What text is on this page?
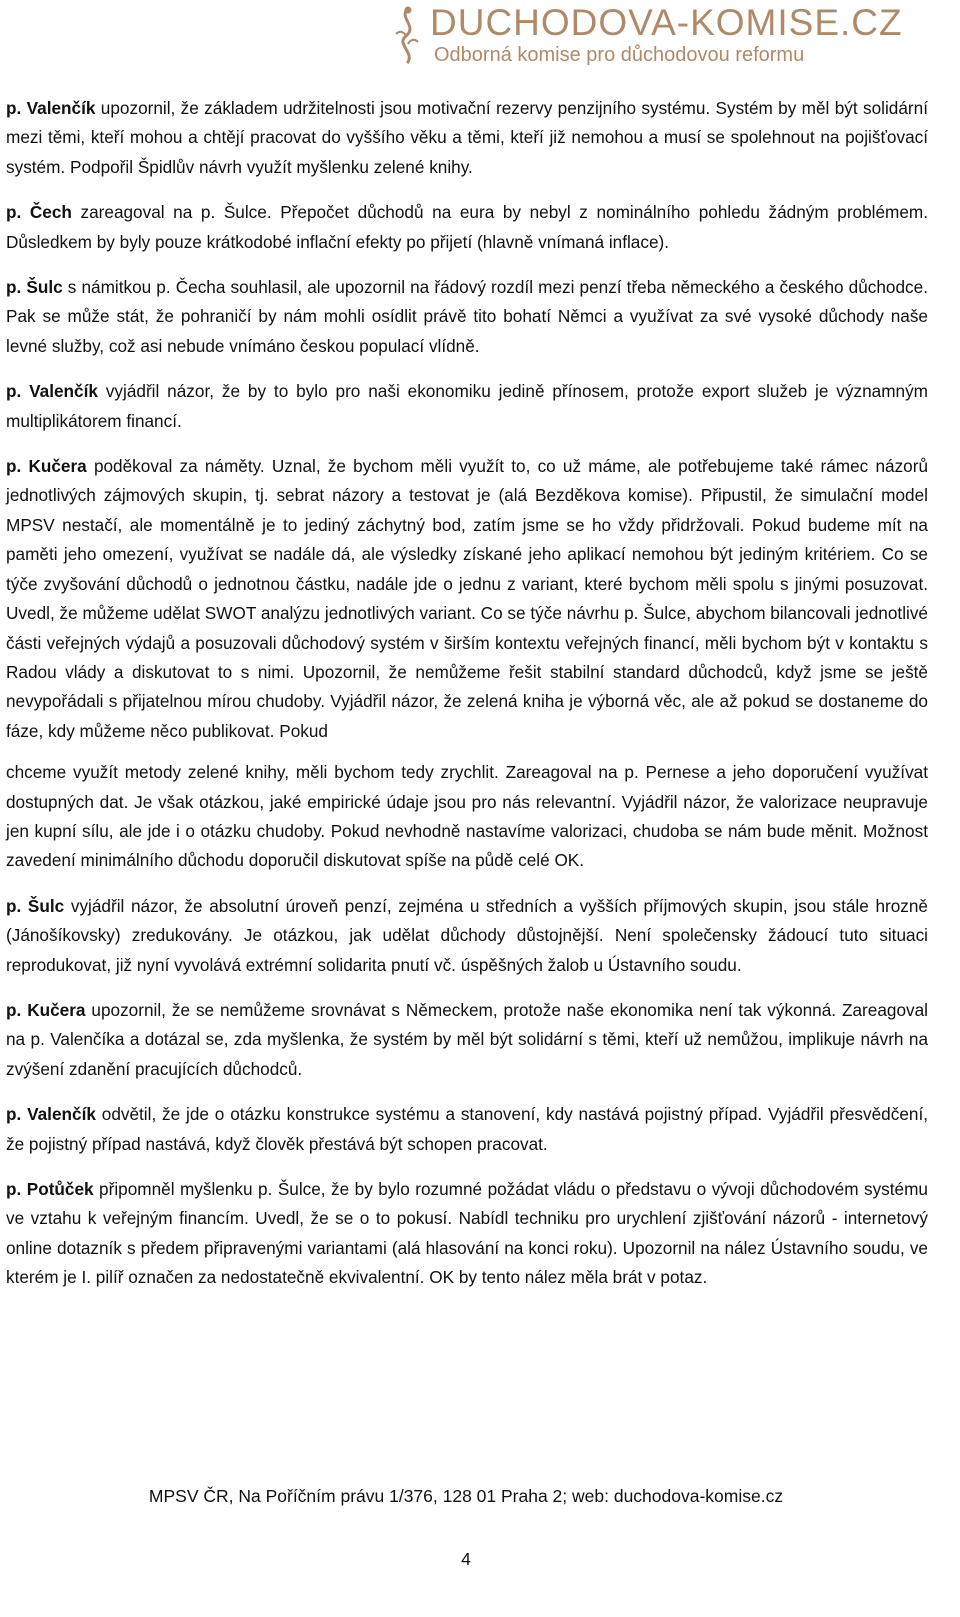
DUCHODOVA-KOMISE.CZ
Odborná komise pro důchodovou reformu

p. Valenčík upozornil, že základem udržitelnosti jsou motivační rezervy penzijního systému. Systém by měl být solidární mezi těmi, kteří mohou a chtějí pracovat do vyššího věku a těmi, kteří již nemohou a musí se spolehnout na pojišťovací systém. Podpořil Špidlův návrh využít myšlenku zelené knihy.

p. Čech zareagoval na p. Šulce. Přepočet důchodů na eura by nebyl z nominálního pohledu žádným problémem. Důsledkem by byly pouze krátkodobé inflační efekty po přijetí (hlavně vnímaná inflace).

p. Šulc s námitkou p. Čecha souhlasil, ale upozornil na řádový rozdíl mezi penzí třeba německého a českého důchodce. Pak se může stát, že pohraničí by nám mohli osídlit právě tito bohatí Němci a využívat za své vysoké důchody naše levné služby, což asi nebude vnímáno českou populací vlídně.

p. Valenčík vyjádřil názor, že by to bylo pro naši ekonomiku jedině přínosem, protože export služeb je významným multiplikátorem financí.

p. Kučera poděkoval za náměty. Uznal, že bychom měli využít to, co už máme, ale potřebujeme také rámec názorů jednotlivých zájmových skupin, tj. sebrat názory a testovat je (alá Bezděkova komise). Připustil, že simulační model MPSV nestačí, ale momentálně je to jediný záchytný bod, zatím jsme se ho vždy přidržovali. Pokud budeme mít na paměti jeho omezení, využívat se nadále dá, ale výsledky získané jeho aplikací nemohou být jediným kritériem. Co se týče zvyšování důchodů o jednotnou částku, nadále jde o jednu z variant, které bychom měli spolu s jinými posuzovat. Uvedl, že můžeme udělat SWOT analýzu jednotlivých variant. Co se týče návrhu p. Šulce, abychom bilancovali jednotlivé části veřejných výdajů a posuzovali důchodový systém v širším kontextu veřejných financí, měli bychom být v kontaktu s Radou vlády a diskutovat to s nimi. Upozornil, že nemůžeme řešit stabilní standard důchodců, když jsme se ještě nevypořádali s přijatelnou mírou chudoby. Vyjádřil názor, že zelená kniha je výborná věc, ale až pokud se dostaneme do fáze, kdy můžeme něco publikovat. Pokud

chceme využít metody zelené knihy, měli bychom tedy zrychlit. Zareagoval na p. Pernese a jeho doporučení využívat dostupných dat. Je však otázkou, jaké empirické údaje jsou pro nás relevantní. Vyjádřil názor, že valorizace neupravuje jen kupní sílu, ale jde i o otázku chudoby. Pokud nevhodně nastavíme valorizaci, chudoba se nám bude měnit. Možnost zavedení minimálního důchodu doporučil diskutovat spíše na půdě celé OK.

p. Šulc vyjádřil názor, že absolutní úroveň penzí, zejména u středních a vyšších příjmových skupin, jsou stále hrozně (Jánošíkovsky) zredukovány. Je otázkou, jak udělat důchody důstojnější. Není společensky žádoucí tuto situaci reprodukovat, již nyní vyvolává extrémní solidarita pnutí vč. úspěšných žalob u Ústavního soudu.

p. Kučera upozornil, že se nemůžeme srovnávat s Německem, protože naše ekonomika není tak výkonná. Zareagoval na p. Valenčíka a dotázal se, zda myšlenka, že systém by měl být solidární s těmi, kteří už nemůžou, implikuje návrh na zvýšení zdanění pracujících důchodců.

p. Valenčík odvětil, že jde o otázku konstrukce systému a stanovení, kdy nastává pojistný případ. Vyjádřil přesvědčení, že pojistný případ nastává, když člověk přestává být schopen pracovat.

p. Potůček připomněl myšlenku p. Šulce, že by bylo rozumné požádat vládu o představu o vývoji důchodovém systému ve vztahu k veřejným financím. Uvedl, že se o to pokusí. Nabídl techniku pro urychlení zjišťování názorů - internetový online dotazník s předem připravenými variantami (alá hlasování na konci roku). Upozornil na nález Ústavního soudu, ve kterém je I. pilíř označen za nedostatečně ekvivalentní. OK by tento nález měla brát v potaz.

MPSV ČR, Na Poříčním právu 1/376, 128 01 Praha 2; web: duchodova-komise.cz
4
